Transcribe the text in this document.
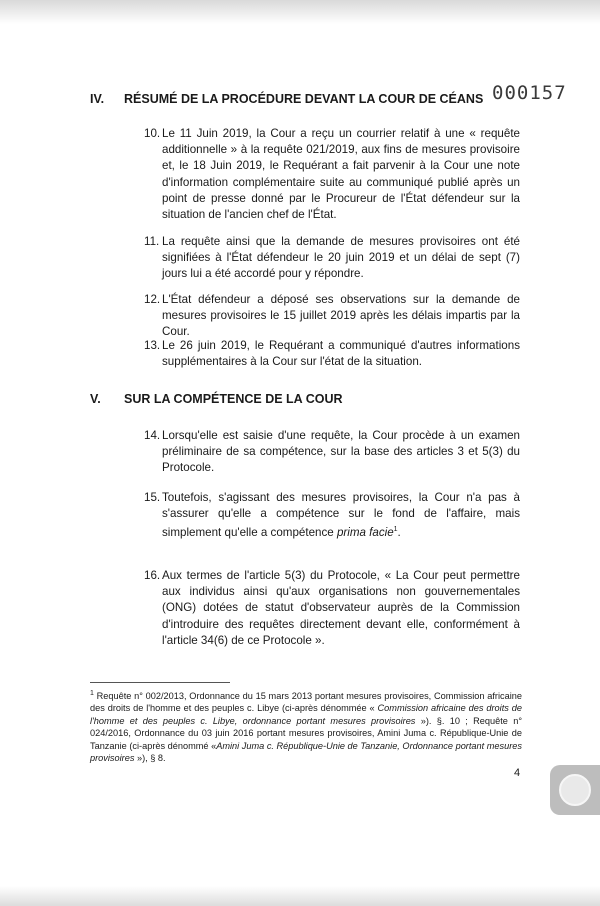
000157
IV. RÉSUMÉ DE LA PROCÉDURE DEVANT LA COUR DE CÉANS
10. Le 11 Juin 2019, la Cour a reçu un courrier relatif à une « requête additionnelle » à la requête 021/2019, aux fins de mesures provisoire et, le 18 Juin 2019, le Requérant a fait parvenir à la Cour une note d'information complémentaire suite au communiqué publié après un point de presse donné par le Procureur de l'État défendeur sur la situation de l'ancien chef de l'État.
11. La requête ainsi que la demande de mesures provisoires ont été signifiées à l'État défendeur le 20 juin 2019 et un délai de sept (7) jours lui a été accordé pour y répondre.
12. L'État défendeur a déposé ses observations sur la demande de mesures provisoires le 15 juillet 2019 après les délais impartis par la Cour.
13. Le 26 juin 2019, le Requérant a communiqué d'autres informations supplémentaires à la Cour sur l'état de la situation.
V. SUR LA COMPÉTENCE DE LA COUR
14. Lorsqu'elle est saisie d'une requête, la Cour procède à un examen préliminaire de sa compétence, sur la base des articles 3 et 5(3) du Protocole.
15. Toutefois, s'agissant des mesures provisoires, la Cour n'a pas à s'assurer qu'elle a compétence sur le fond de l'affaire, mais simplement qu'elle a compétence prima facie$^1$.
16. Aux termes de l'article 5(3) du Protocole, « La Cour peut permettre aux individus ainsi qu'aux organisations non gouvernementales (ONG) dotées de statut d'observateur auprès de la Commission d'introduire des requêtes directement devant elle, conformément à l'article 34(6) de ce Protocole ».
$^1$ Requête n° 002/2013, Ordonnance du 15 mars 2013 portant mesures provisoires, Commission africaine des droits de l'homme et des peuples c. Libye (ci-après dénommée « Commission africaine des droits de l'homme et des peuples c. Libye, ordonnance portant mesures provisoires »). §. 10 ; Requête n° 024/2016, Ordonnance du 03 juin 2016 portant mesures provisoires, Amini Juma c. République-Unie de Tanzanie (ci-après dénommé «Amini Juma c. République-Unie de Tanzanie, Ordonnance portant mesures provisoires »), § 8.
4
